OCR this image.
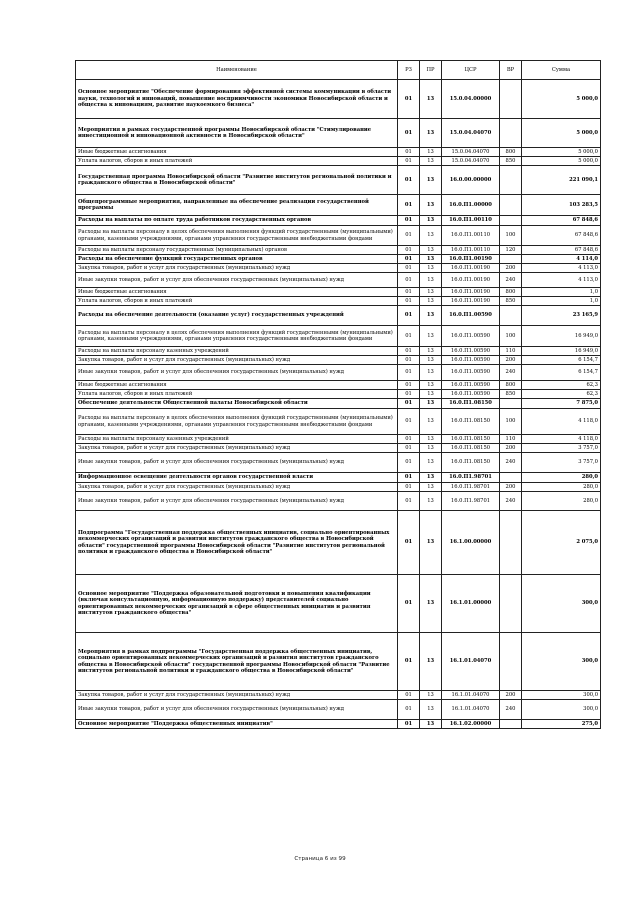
Наименование	РЗ	ПР	ЦСР	ВР	Сумма
Основное мероприятие "Обеспечение формирования эффективной системы коммуникации в области науки, технологий и инноваций, повышение восприимчивости экономики Новосибирской области и общества к инновациям, развитие наукоемкого бизнеса"	01	13	15.0.04.00000		5 000,0
Мероприятия в рамках государственной программы Новосибирской области "Стимулирование инвестиционной и инновационной активности в Новосибирской области"	01	13	15.0.04.04070		5 000,0
Иные бюджетные ассигнования	01	13	15.0.04.04070	800	5 000,0
Уплата налогов, сборов и иных платежей	01	13	15.0.04.04070	850	5 000,0
Государственная программа Новосибирской области "Развитие институтов региональной политики и гражданского общества в Новосибирской области"	01	13	16.0.00.00000		221 090,1
Общепрограммные мероприятия, направленные на обеспечение реализации государственной программы	01	13	16.0.П1.00000		103 283,5
Расходы на выплаты по оплате труда работников государственных органов	01	13	16.0.П1.00110		67 848,6
Расходы на выплаты персоналу в целях обеспечения выполнения функций государственными (муниципальными) органами, казенными учреждениями, органами управления государственными внебюджетными фондами	01	13	16.0.П1.00110	100	67 848,6
Расходы на выплаты персоналу государственных (муниципальных) органов	01	13	16.0.П1.00110	120	67 848,6
Расходы на обеспечение функций государственных органов	01	13	16.0.П1.00190		4 114,0
Закупка товаров, работ и услуг для государственных (муниципальных) нужд	01	13	16.0.П1.00190	200	4 113,0
Иные закупки товаров, работ и услуг для обеспечения государственных (муниципальных) нужд	01	13	16.0.П1.00190	240	4 113,0
Иные бюджетные ассигнования	01	13	16.0.П1.00190	800	1,0
Уплата налогов, сборов и иных платежей	01	13	16.0.П1.00190	850	1,0
Расходы на обеспечение деятельности (оказание услуг) государственных учреждений	01	13	16.0.П1.00590		23 165,9
Расходы на выплаты персоналу в целях обеспечения выполнения функций государственными (муниципальными) органами, казенными учреждениями, органами управления государственными внебюджетными фондами	01	13	16.0.П1.00590	100	16 949,0
Расходы на выплаты персоналу казенных учреждений	01	13	16.0.П1.00590	110	16 949,0
Закупка товаров, работ и услуг для государственных (муниципальных) нужд	01	13	16.0.П1.00590	200	6 154,7
Иные закупки товаров, работ и услуг для обеспечения государственных (муниципальных) нужд	01	13	16.0.П1.00590	240	6 154,7
Иные бюджетные ассигнования	01	13	16.0.П1.00590	800	62,3
Уплата налогов, сборов и иных платежей	01	13	16.0.П1.00590	850	62,3
Обеспечение деятельности Общественной палаты Новосибирской области	01	13	16.0.П1.08150		7 875,0
Расходы на выплаты персоналу в целях обеспечения выполнения функций государственными (муниципальными) органами, казенными учреждениями, органами управления государственными внебюджетными фондами	01	13	16.0.П1.08150	100	4 118,0
Расходы на выплаты персоналу казенных учреждений	01	13	16.0.П1.08150	110	4 118,0
Закупка товаров, работ и услуг для государственных (муниципальных) нужд	01	13	16.0.П1.08150	200	3 757,0
Иные закупки товаров, работ и услуг для обеспечения государственных (муниципальных) нужд	01	13	16.0.П1.08150	240	3 757,0
Информационное освещение деятельности органов государственной власти	01	13	16.0.П1.98701		280,0
Закупка товаров, работ и услуг для государственных (муниципальных) нужд	01	13	16.0.П1.98701	200	280,0
Иные закупки товаров, работ и услуг для обеспечения государственных (муниципальных) нужд	01	13	16.0.П1.98701	240	280,0
Подпрограмма "Государственная поддержка общественных инициатив, социально ориентированных некоммерческих организаций и развития институтов гражданского общества в Новосибирской области" государственной программы Новосибирской области "Развитие институтов региональной политики и гражданского общества в Новосибирской области"	01	13	16.1.00.00000		2 075,0
Основное мероприятие "Поддержка образовательной подготовки и повышения квалификации (включая консультационную, информационную поддержку) представителей социально ориентированных некоммерческих организаций в сфере общественных инициатив и развития институтов гражданского общества"	01	13	16.1.01.00000		300,0
Мероприятия в рамках подпрограммы "Государственная поддержка общественных инициатив, социально ориентированных некоммерческих организаций и развития институтов гражданского общества в Новосибирской области" государственной программы Новосибирской области "Развитие институтов региональной политики и гражданского общества в Новосибирской области"	01	13	16.1.01.04070		300,0
Закупка товаров, работ и услуг для государственных (муниципальных) нужд	01	13	16.1.01.04070	200	300,0
Иные закупки товаров, работ и услуг для обеспечения государственных (муниципальных) нужд	01	13	16.1.01.04070	240	300,0
Основное мероприятие "Поддержка общественных инициатив"	01	13	16.1.02.00000		275,0
Страница 6 из 99
